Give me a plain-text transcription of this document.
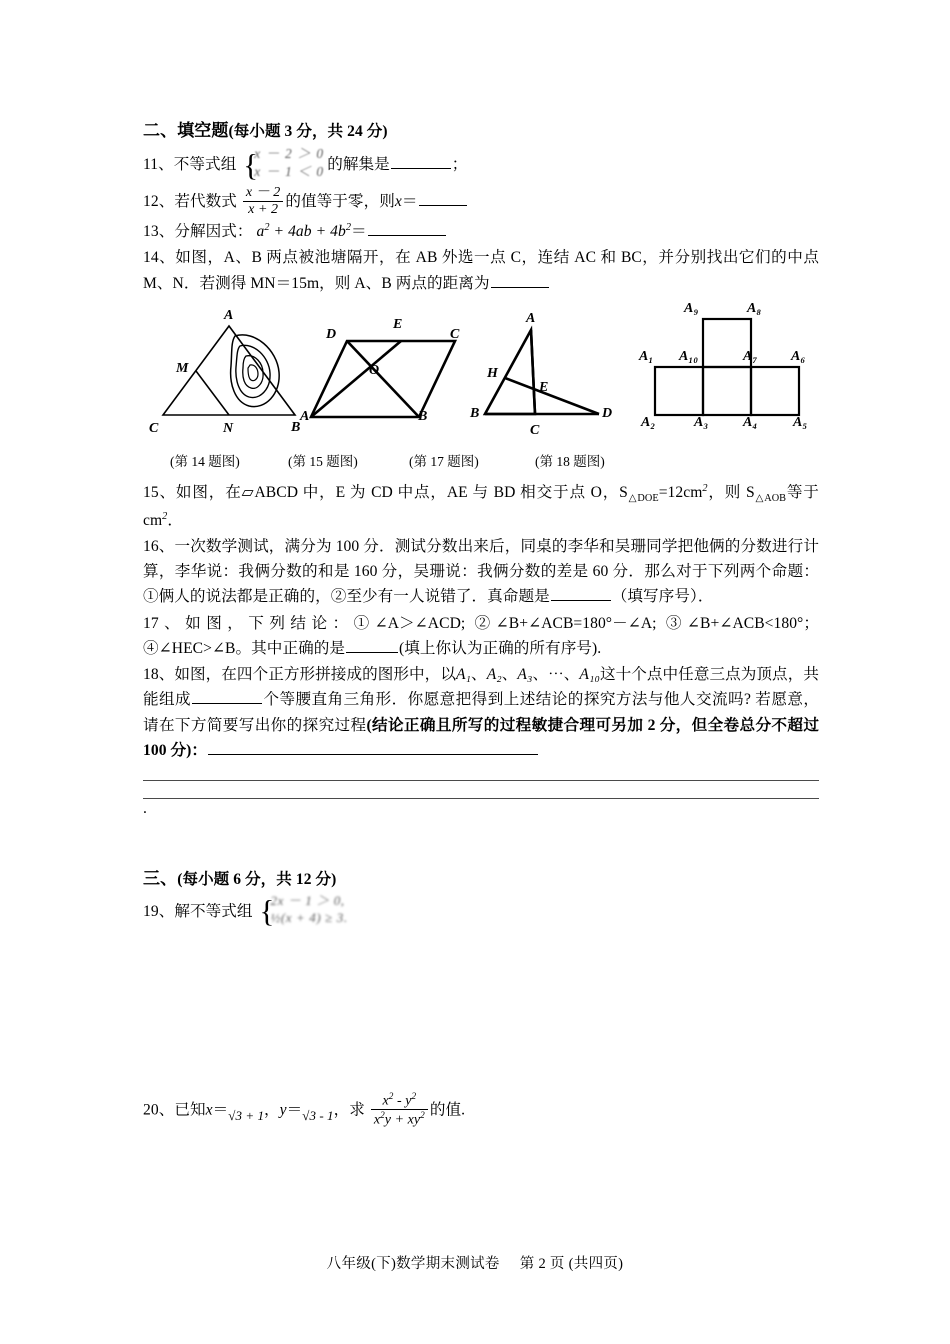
二、填空题(每小题 3 分，共 24 分)
11、不等式组 {
x － 2 ＞ 0
x － 1 ＜ 0 的解集是	；
12、若代数式 $\frac{x - 2}{x + 2}$ 的值等于零，则x＝
13、分解因式： $a^2 + 4ab + 4b^2=$
14、如图，A、B 两点被池塘隔开，在 AB 外选一点 C，连结 AC 和 BC，并分别找出它们的中点 M、N．若测得 MN＝15m，则 A、B 两点的距离为
A
M
C	N	B
D
E
C
O
A	B
A
H
E
B
C
D
A₉	A₈
A₁ A₁₀	A₇ A₆
A₂	A₃ A₄	A₅
(第 14 题图)	(第 15 题图)	(第 17 题图)	(第 18 题图)
15、如图，在▱ABCD 中，E 为 CD 中点，AE 与 BD 相交于点 O，$S_{\triangle DOE}=12cm^2$，则 $S_{\triangle AOB}$等于$cm^2$．
16、一次数学测试，满分为 100 分．测试分数出来后，同桌的李华和吴珊同学把他俩的分数进行计算，李华说：我俩分数的和是 160 分，吴珊说：我俩分数的差是 60 分．那么对于下列两个命题：①俩人的说法都是正确的，②至少有一人说错了．真命题是	（填写序号）．
17、如图，下列结论：①∠A＞∠ACD; ②∠B+∠ACB=180°－∠A; ③∠B+∠ACB<180°；④∠HEC>∠B。其中正确的是	(填上你认为正确的所有序号).
18、如图，在四个正方形拼接成的图形中，以A₁、A₂、A₃、⋯、A₁₀这十个点中任意三点为顶点，共能组成	个等腰直角三角形．你愿意把得到上述结论的探究方法与他人交流吗? 若愿意，请在下方简要写出你的探究过程(结论正确且所写的过程敏捷合理可另加 2 分，但全卷总分不超过 100 分)：
.
三、(每小题 6 分，共 12 分)
19、解不等式组 {
2x － 1 ＞ 0,
½(x + 4) ≥ 3.
20、已知$x=_{√3 + 1}$，$y=_{√3 - 1}$，求 $\frac{x^2 - y^2}{x^2y + xy^2}$ 的值.
八年级(下)数学期末测试卷 第 2 页 (共四页)
